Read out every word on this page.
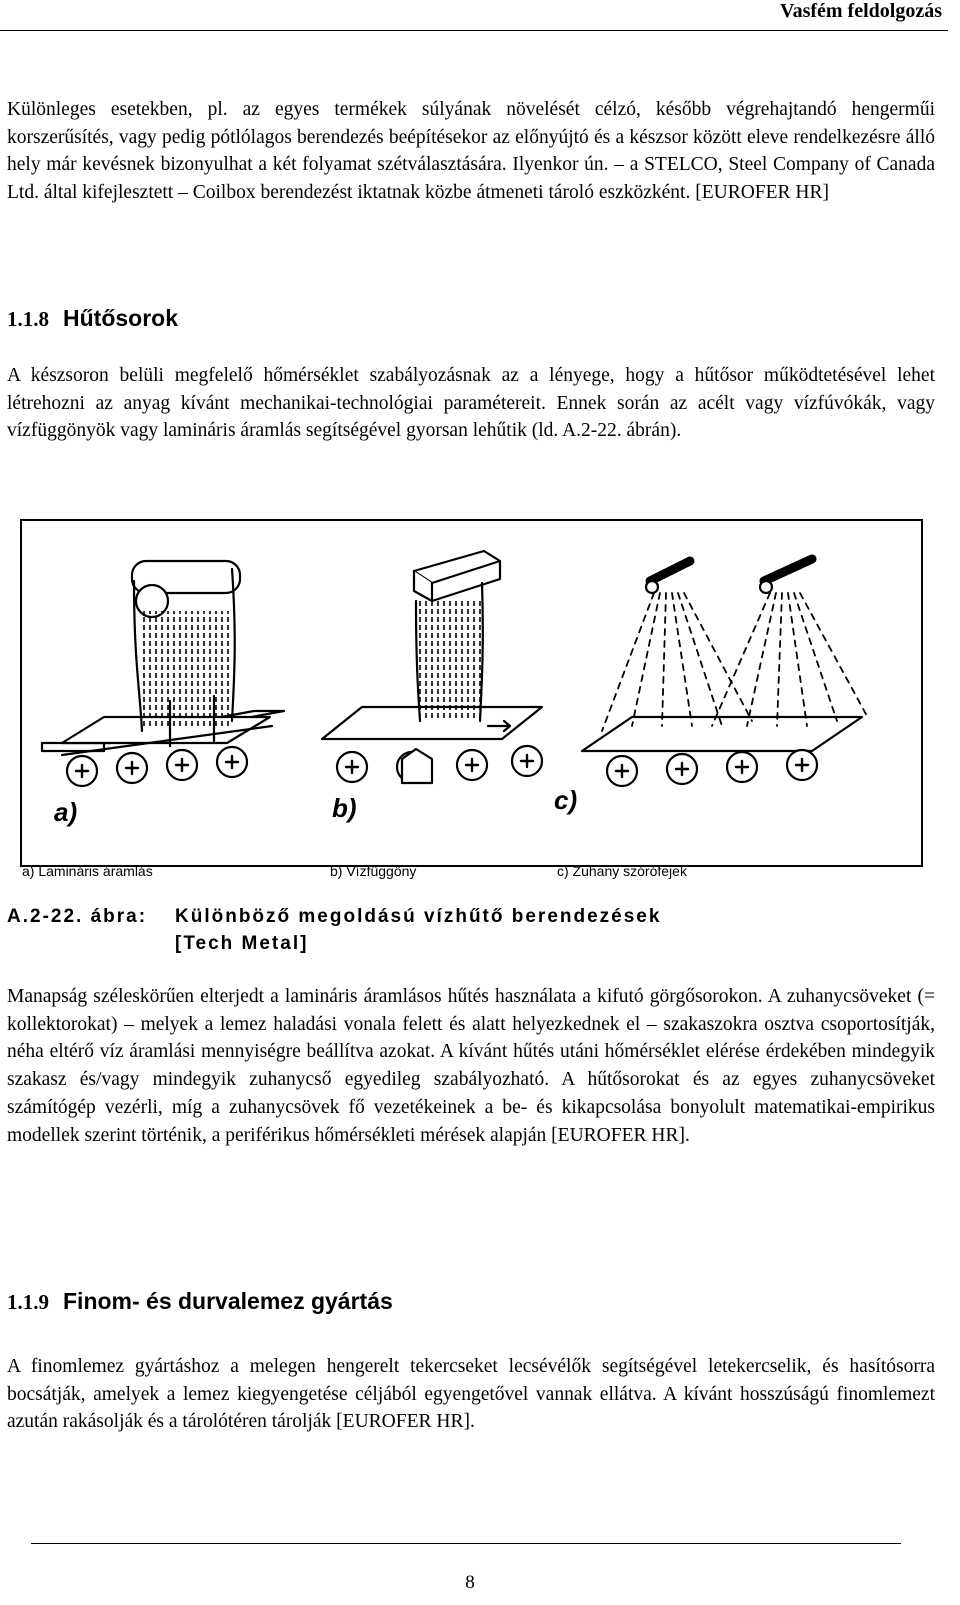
Vasfém feldolgozás

Különleges esetekben, pl. az egyes termékek súlyának növelését célzó, később végrehajtandó hengerműi korszerűsítés, vagy pedig pótlólagos berendezés beépítésekor az előnyújtó és a készsor között eleve rendelkezésre álló hely már kevésnek bizonyulhat a két folyamat szétválasztására. Ilyenkor ún. – a STELCO, Steel Company of Canada Ltd. által kifejlesztett – Coilbox berendezést iktatnak közbe átmeneti tároló eszközként. [EUROFER HR]

1.1.8 Hűtősorok

A készsoron belüli megfelelő hőmérséklet szabályozásnak az a lényege, hogy a hűtősor működtetésével lehet létrehozni az anyag kívánt mechanikai-technológiai paramétereit. Ennek során az acélt vagy vízfúvókák, vagy vízfüggönyök vagy lamináris áramlás segítségével gyorsan lehűtik (ld. A.2-22. ábrán).

a)	b)	c)
a) Lamináris áramlás	b) Vízfüggöny	c) Zuhany szórófejek
A.2-22. ábra: Különböző megoldású vízhűtő berendezések
[Tech Metal]

Manapság széleskörűen elterjedt a lamináris áramlásos hűtés használata a kifutó görgősorokon. A zuhanycsöveket (= kollektorokat) – melyek a lemez haladási vonala felett és alatt helyezkednek el – szakaszokra osztva csoportosítják, néha eltérő víz áramlási mennyiségre beállítva azokat. A kívánt hűtés utáni hőmérséklet elérése érdekében mindegyik szakasz és/vagy mindegyik zuhanycső egyedileg szabályozható. A hűtősorokat és az egyes zuhanycsöveket számítógép vezérli, míg a zuhanycsövek fő vezetékeinek a be- és kikapcsolása bonyolult matematikai-empirikus modellek szerint történik, a periférikus hőmérsékleti mérések alapján [EUROFER HR].

1.1.9 Finom- és durvalemez gyártás

A finomlemez gyártáshoz a melegen hengerelt tekercseket lecsévélők segítségével letekercselik, és hasítósorra bocsátják, amelyek a lemez kiegyengetése céljából egyengetővel vannak ellátva. A kívánt hosszúságú finomlemezt azután rakásolják és a tárolótéren tárolják [EUROFER HR].

8
